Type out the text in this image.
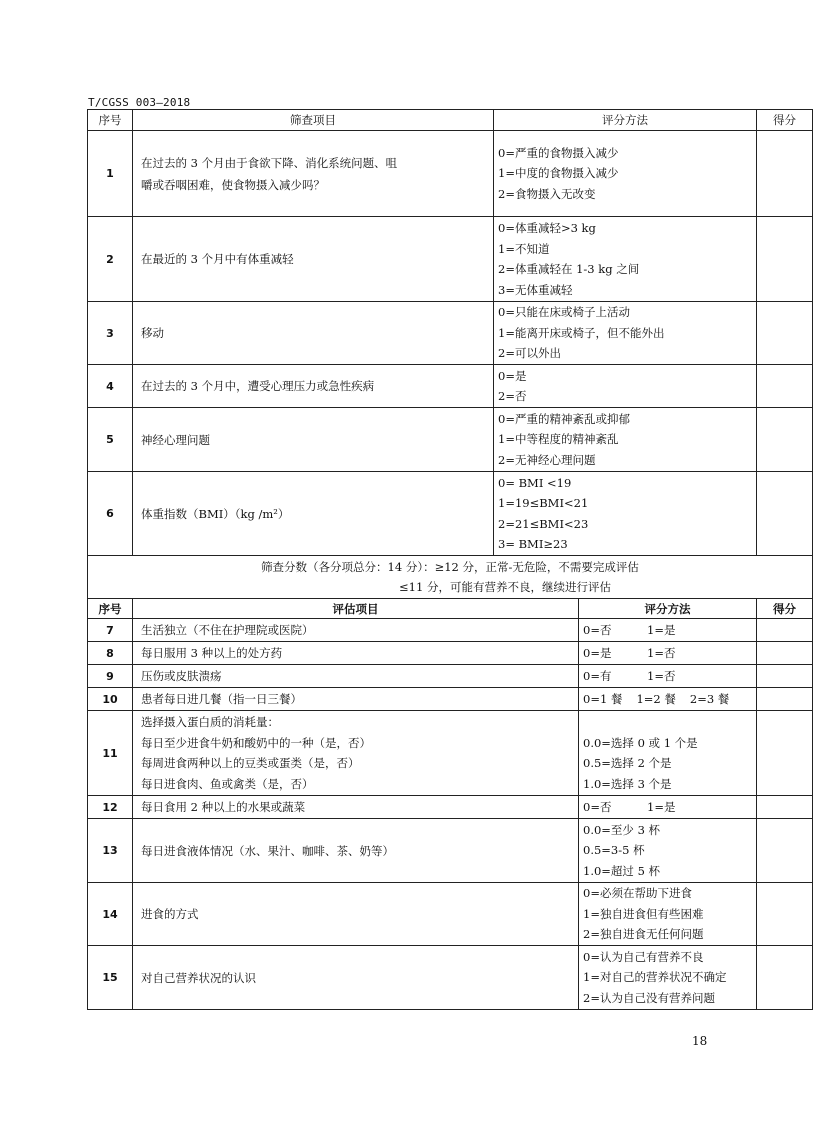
T/CGSS 003—2018
序号	筛查项目	评分方法		得分
1	在过去的 3 个月由于食欲下降、消化系统问题、咀
嚼或吞咽困难，使食物摄入减少吗？	0=严重的食物摄入减少
1=中度的食物摄入减少
2=食物摄入无改变		

2	在最近的 3 个月中有体重减轻	0=体重减轻>3 kg
1=不知道
2=体重减轻在 1-3 kg 之间
3=无体重减轻		

3	移动	0=只能在床或椅子上活动
1=能离开床或椅子，但不能外出
2=可以外出		

4	在过去的 3 个月中，遭受心理压力或急性疾病	0=是
2=否		

5	神经心理问题	0=严重的精神紊乱或抑郁
1=中等程度的精神紊乱
2=无神经心理问题		

6	体重指数（BMI）（kg /m²）	0= BMI <19
1=19≤BMI<21
2=21≤BMI<23
3= BMI≥23		

筛查分数（各分项总分：14 分）：≥12 分，正常-无危险，不需要完成评估
≤11 分，可能有营养不良，继续进行评估				

序号	评估项目		评分方法	得分
7	生活独立（不住在护理院或医院）		0=否 1=是	
8	每日服用 3 种以上的处方药		0=是 1=否	
9	压伤或皮肤溃疡		0=有 1=否	
10	患者每日进几餐（指一日三餐）		0=1 餐 1=2 餐 2=3 餐	
11	选择摄入蛋白质的消耗量：
每日至少进食牛奶和酸奶中的一种（是，否）
每周进食两种以上的豆类或蛋类（是，否）
每日进食肉、鱼或禽类（是，否）		0.0=选择 0 或 1 个是
0.5=选择 2 个是
1.0=选择 3 个是	

12	每日食用 2 种以上的水果或蔬菜		0=否 1=是	
13	每日进食液体情况（水、果汁、咖啡、茶、奶等）		0.0=至少 3 杯
0.5=3-5 杯
1.0=超过 5 杯	

14	进食的方式		0=必须在帮助下进食
1=独自进食但有些困难
2=独自进食无任何问题	

15	对自己营养状况的认识		0=认为自己有营养不良
1=对自己的营养状况不确定
2=认为自己没有营养问题	

18
